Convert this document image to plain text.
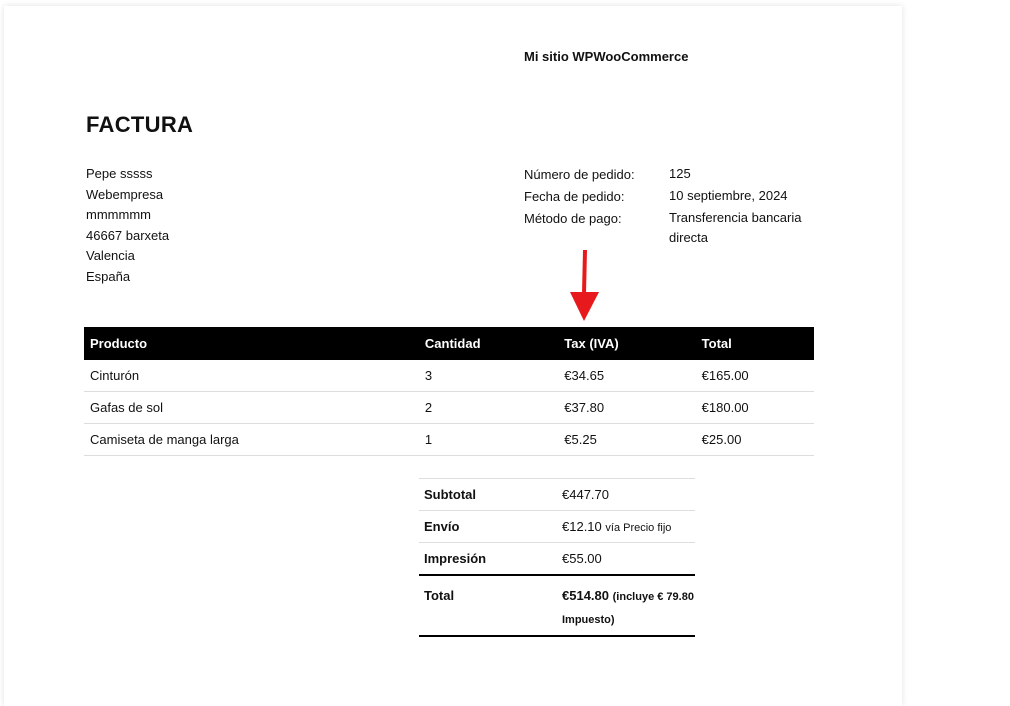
Mi sitio WPWooCommerce
FACTURA
Pepe sssss
Webempresa
mmmmmm
46667 barxeta
Valencia
España
Número de pedido:	125
Fecha de pedido:	10 septiembre, 2024
Método de pago:	Transferencia bancaria directa
Producto	Cantidad	Tax (IVA)	Total
Cinturón	3	€34.65	€165.00
Gafas de sol	2	€37.80	€180.00
Camiseta de manga larga	1	€5.25	€25.00
Subtotal	€447.70
Envío	€12.10 vía Precio fijo
Impresión	€55.00
Total	€514.80 (incluye € 79.80 Impuesto)
